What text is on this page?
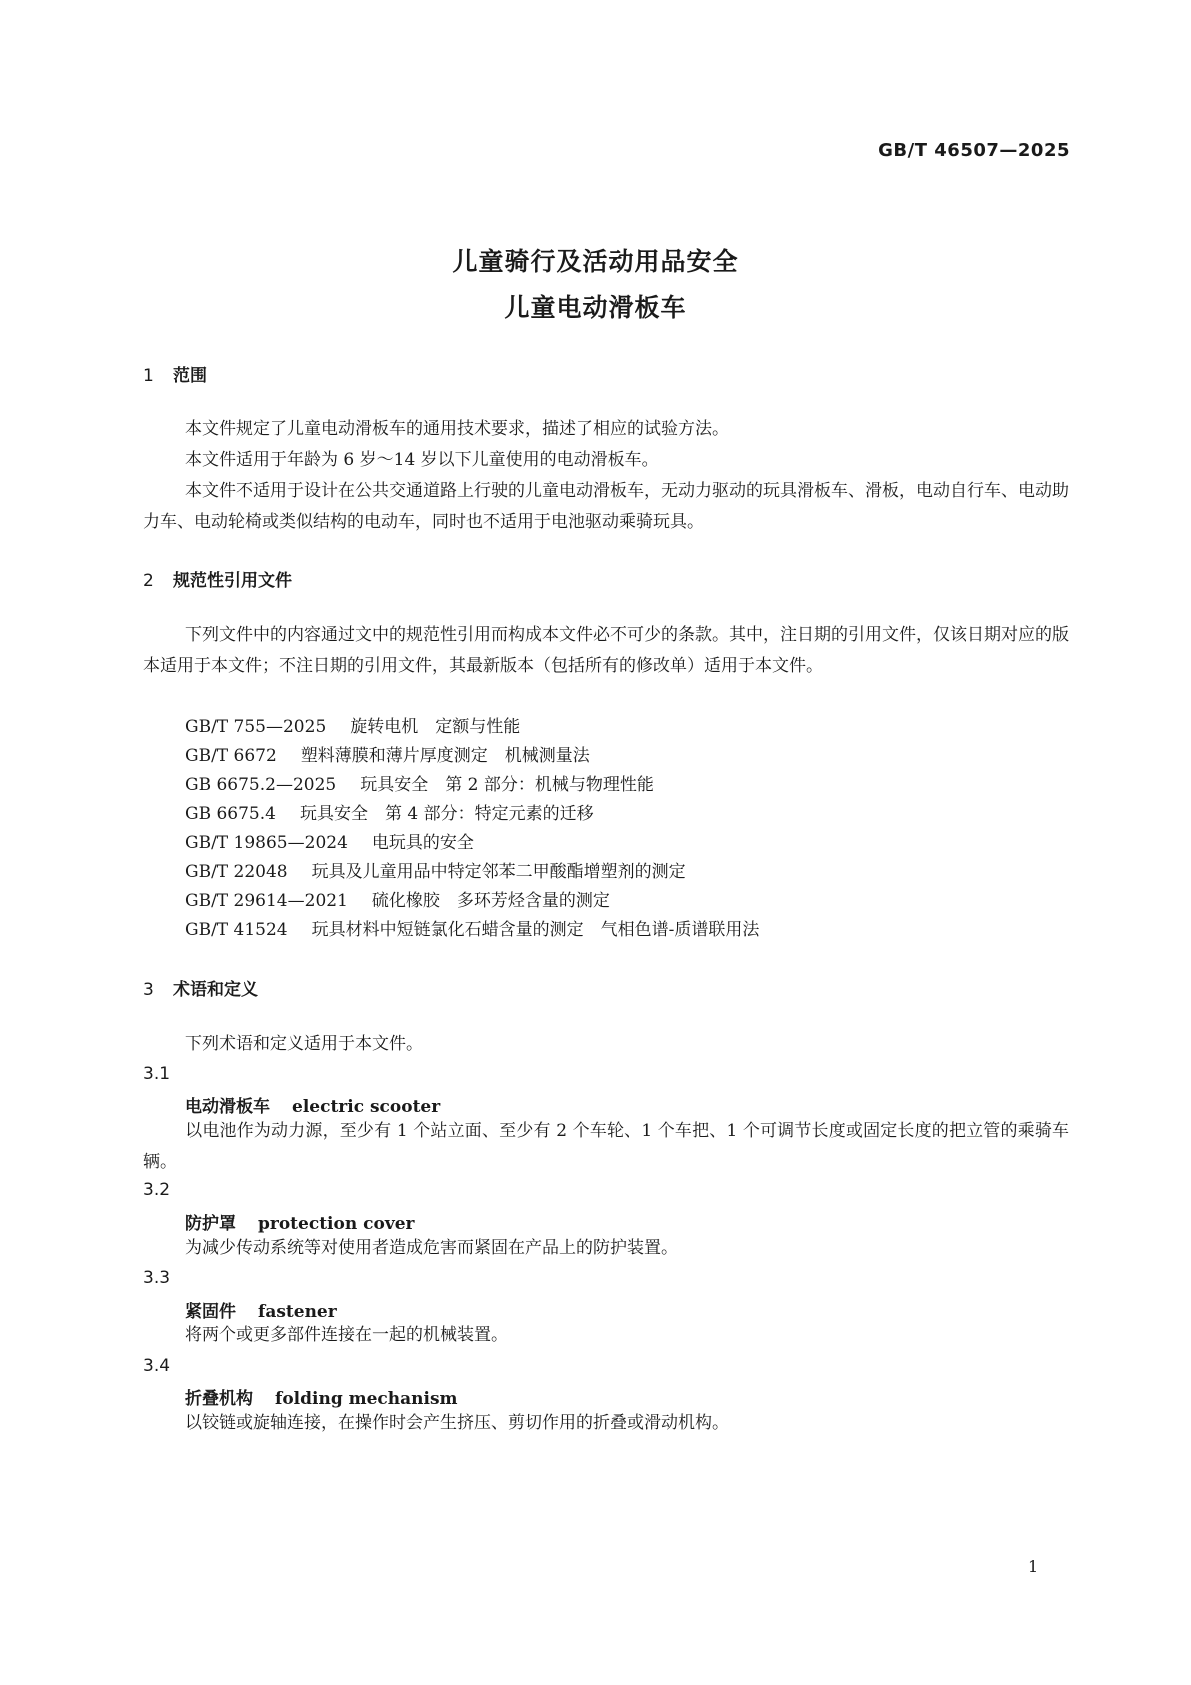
GB/T 46507—2025
儿童骑行及活动用品安全
儿童电动滑板车
1 范围
本文件规定了儿童电动滑板车的通用技术要求，描述了相应的试验方法。
本文件适用于年龄为 6 岁～14 岁以下儿童使用的电动滑板车。
本文件不适用于设计在公共交通道路上行驶的儿童电动滑板车，无动力驱动的玩具滑板车、滑板，电动自行车、电动助力车、电动轮椅或类似结构的电动车，同时也不适用于电池驱动乘骑玩具。
2 规范性引用文件
下列文件中的内容通过文中的规范性引用而构成本文件必不可少的条款。其中，注日期的引用文件，仅该日期对应的版本适用于本文件；不注日期的引用文件，其最新版本（包括所有的修改单）适用于本文件。
GB/T 755—2025 旋转电机　定额与性能
GB/T 6672 塑料薄膜和薄片厚度测定　机械测量法
GB 6675.2—2025 玩具安全　第 2 部分：机械与物理性能
GB 6675.4 玩具安全　第 4 部分：特定元素的迁移
GB/T 19865—2024 电玩具的安全
GB/T 22048 玩具及儿童用品中特定邻苯二甲酸酯增塑剂的测定
GB/T 29614—2021 硫化橡胶　多环芳烃含量的测定
GB/T 41524 玩具材料中短链氯化石蜡含量的测定　气相色谱-质谱联用法
3 术语和定义
下列术语和定义适用于本文件。
3.1
电动滑板车 electric scooter
以电池作为动力源，至少有 1 个站立面、至少有 2 个车轮、1 个车把、1 个可调节长度或固定长度的把立管的乘骑车辆。
3.2
防护罩 protection cover
为减少传动系统等对使用者造成危害而紧固在产品上的防护装置。
3.3
紧固件 fastener
将两个或更多部件连接在一起的机械装置。
3.4
折叠机构 folding mechanism
以铰链或旋轴连接，在操作时会产生挤压、剪切作用的折叠或滑动机构。
1
